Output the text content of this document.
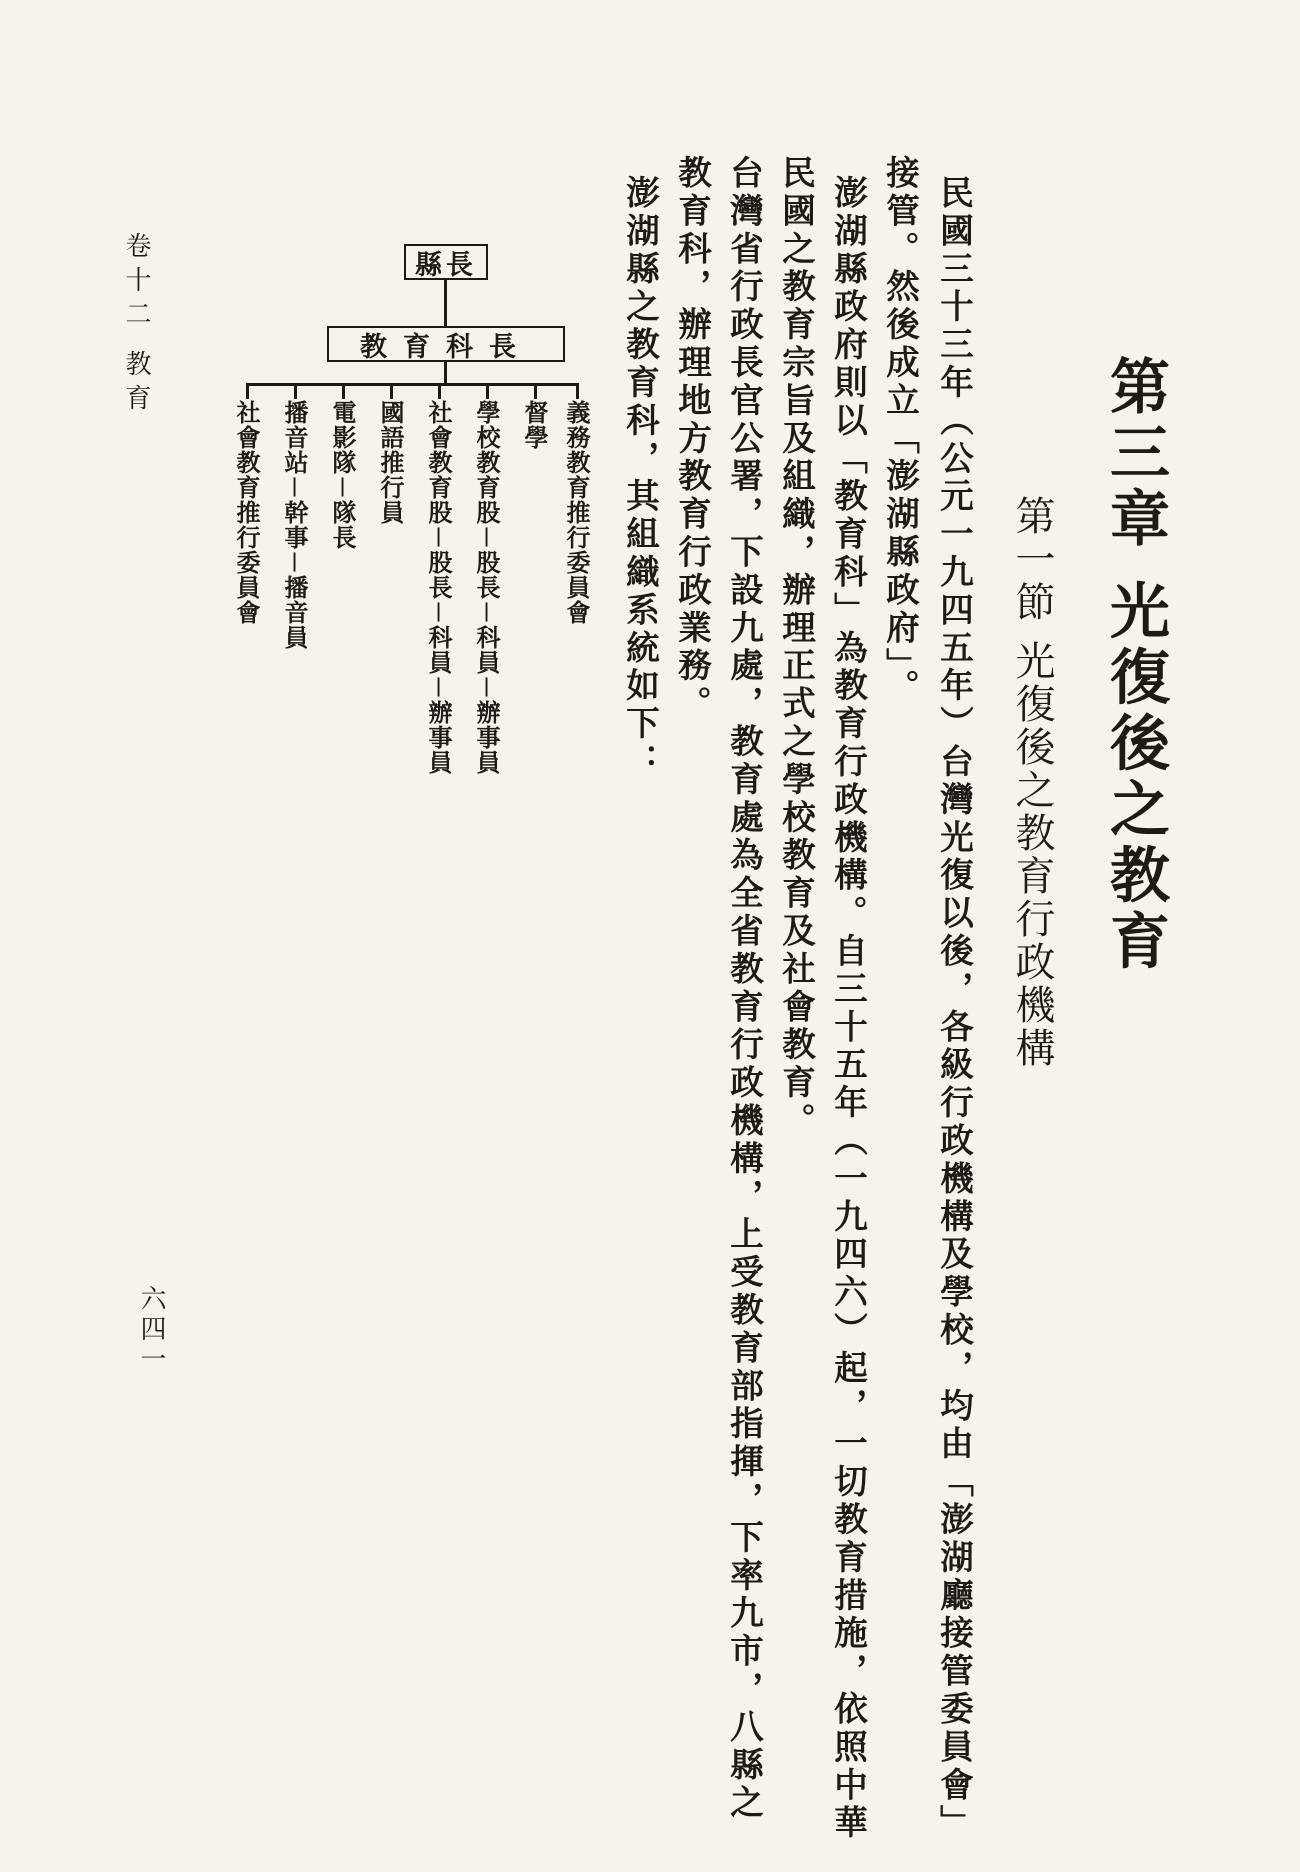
第三章 光復後之教育
第一節 光復後之教育行政機構
民國三十三年（公元一九四五年）台灣光復以後，各級行政機構及學校，均由「澎湖廳接管委員會」
接管。然後成立「澎湖縣政府」。
澎湖縣政府則以「教育科」為教育行政機構。自三十五年（一九四六）起，一切教育措施，依照中華
民國之教育宗旨及組織，辦理正式之學校教育及社會教育。
台灣省行政長官公署，下設九處，教育處為全省教育行政機構，上受教育部指揮，下率九市，八縣之
教育科，辦理地方教育行政業務。
澎湖縣之教育科，其組織系統如下：
縣長
教育科長
義務教育推行委員會
督學
學校教育股－股長－科員－辦事員
社會教育股－股長－科員－辦事員
國語推行員
電影隊－隊長
播音站－幹事－播音員
社會教育推行委員會
卷十二 教育
六四一
